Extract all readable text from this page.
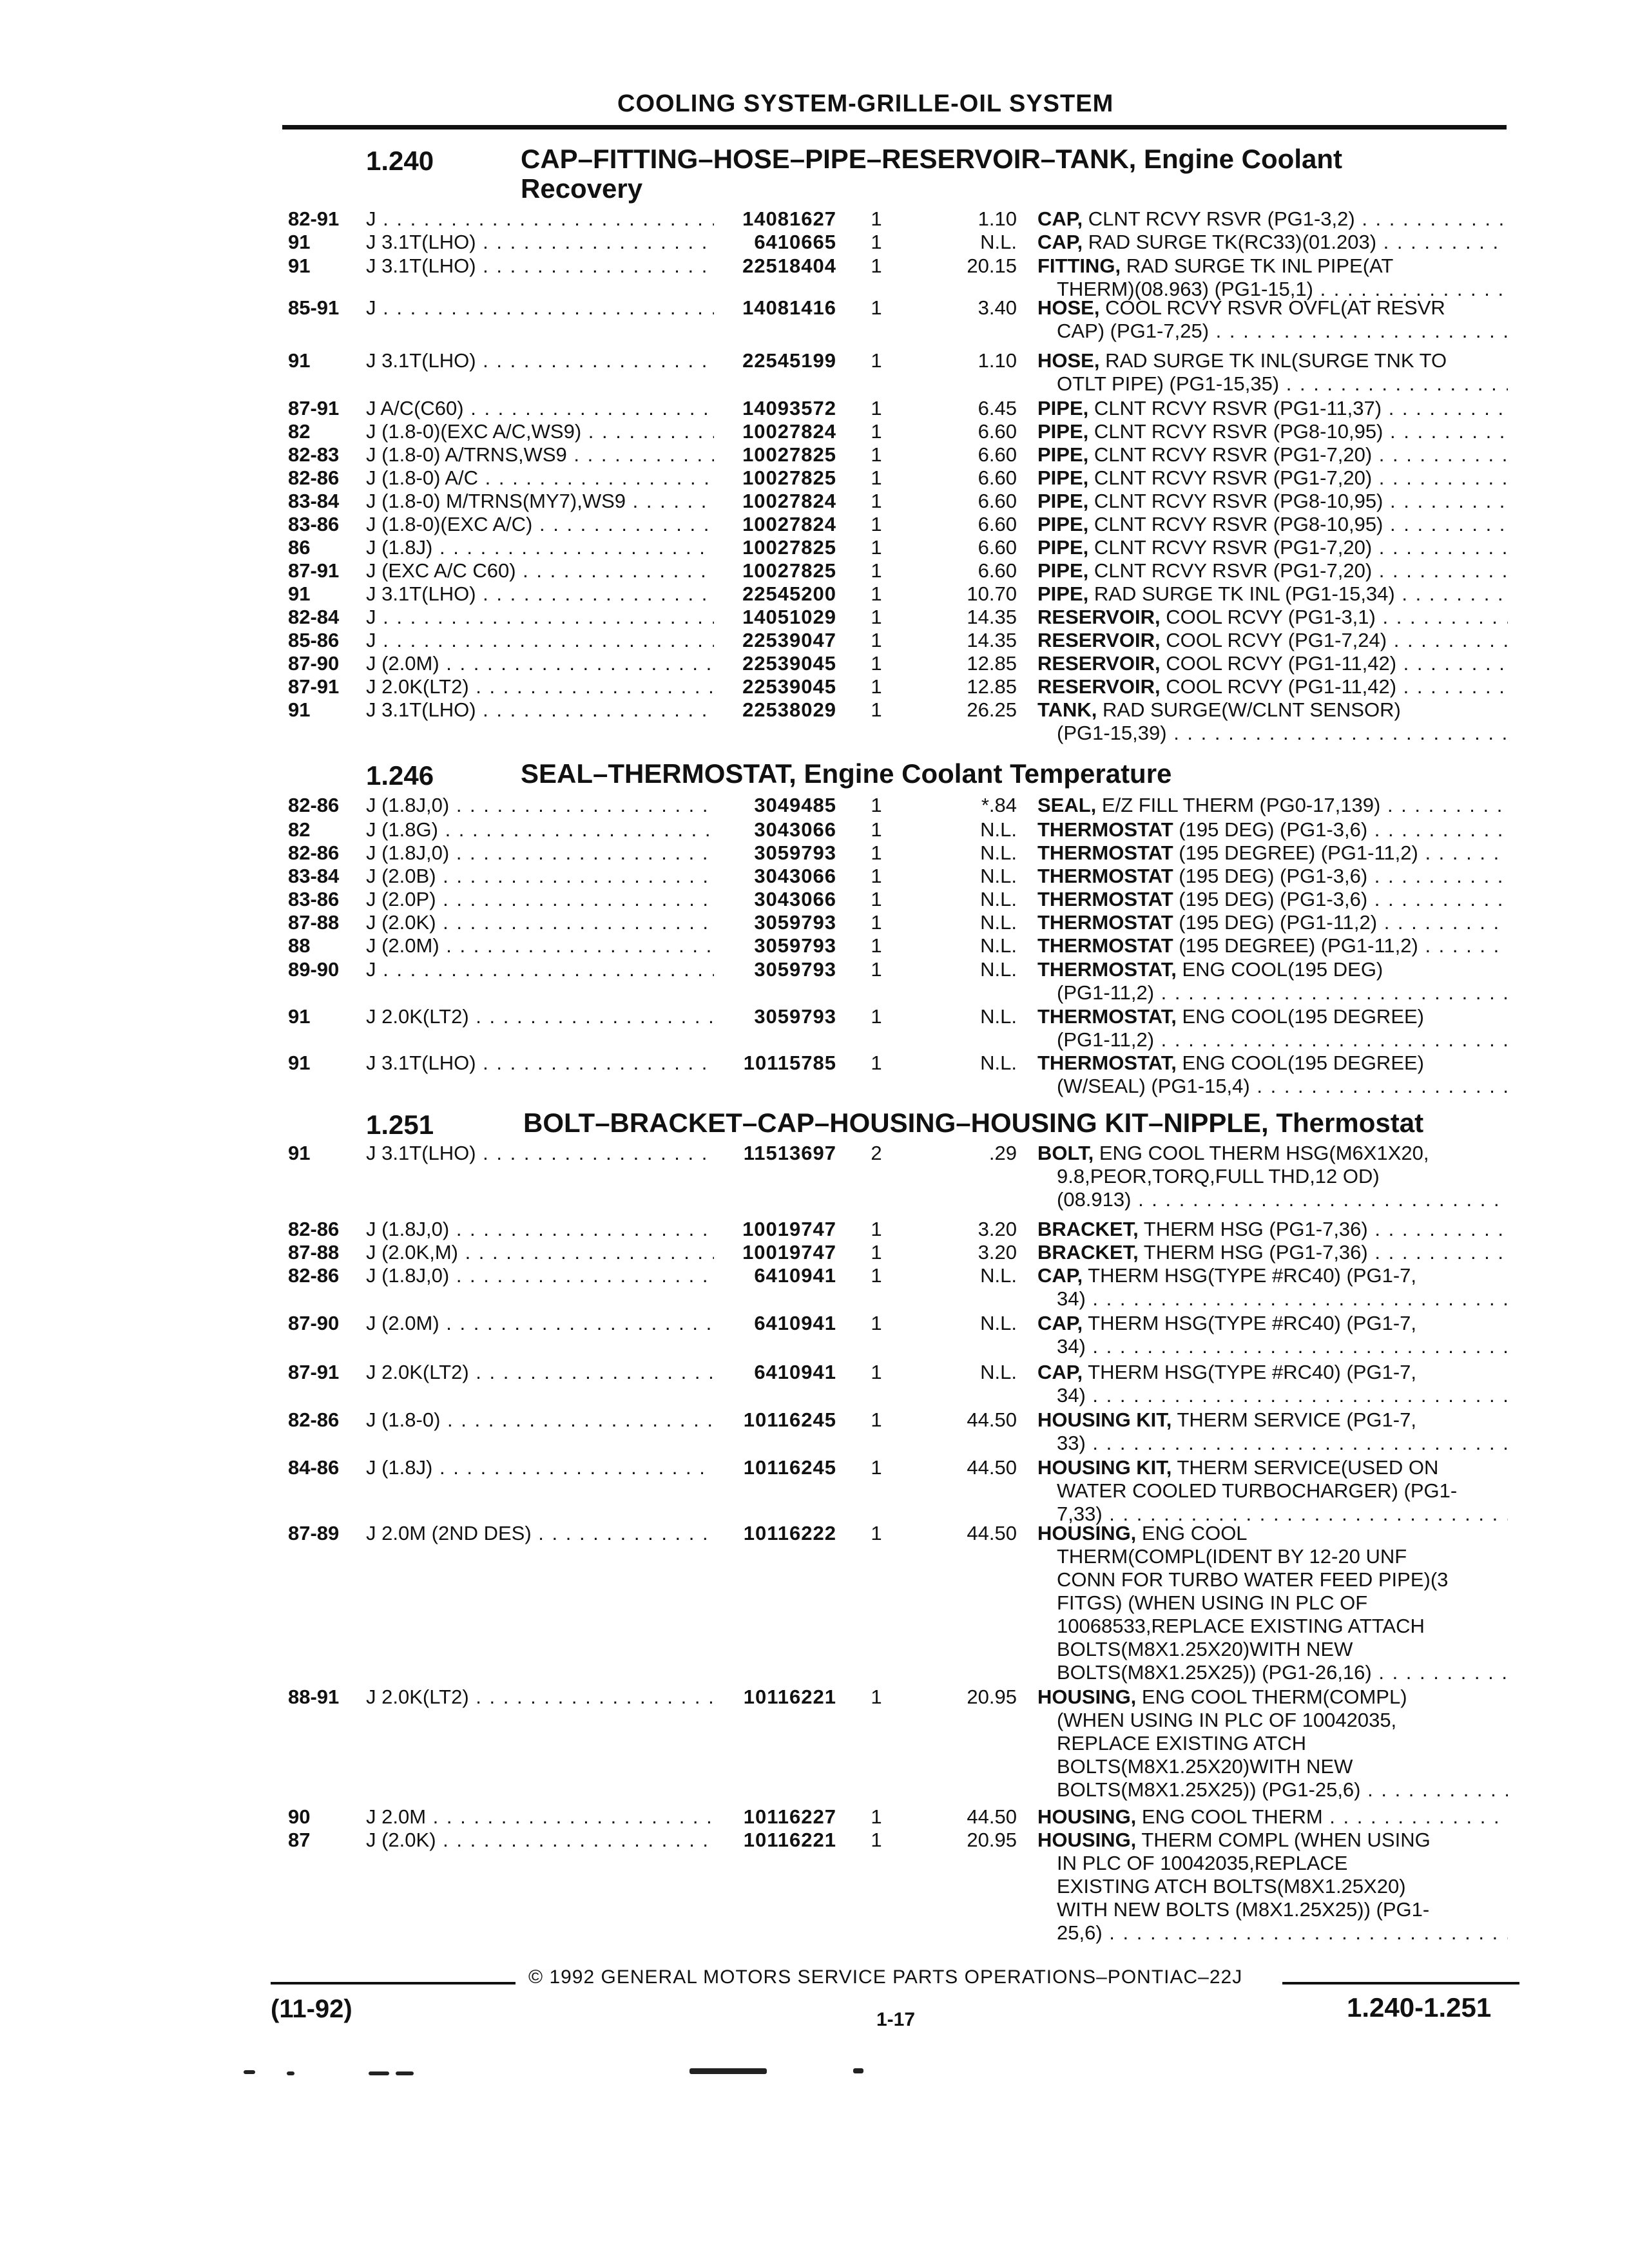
COOLING SYSTEM-GRILLE-OIL SYSTEM
1.240	CAP–FITTING–HOSE–PIPE–RESERVOIR–TANK, Engine Coolant
Recovery
1.246	SEAL–THERMOSTAT, Engine Coolant Temperature
1.251	BOLT–BRACKET–CAP–HOUSING–HOUSING KIT–NIPPLE, Thermostat
82-91 J . . .	14081627	1	1.10 CAP, CLNT RCVY RSVR (PG1-3,2) . . .
91	J 3.1T(LHO) . . .	6410665	1	N.L. CAP, RAD SURGE TK(RC33)(01.203) . . .
91	J 3.1T(LHO) . . .	22518404	1	20.15 FITTING, RAD SURGE TK INL PIPE(AT
THERM)(08.963) (PG1-15,1) . . .
85-91 J . . .	14081416	1	3.40 HOSE, COOL RCVY RSVR OVFL(AT RESVR
CAP) (PG1-7,25) . . .
91	J 3.1T(LHO) . . .	22545199	1	1.10 HOSE, RAD SURGE TK INL(SURGE TNK TO
OTLT PIPE) (PG1-15,35) . . .
87-91 J A/C(C60) . . .	14093572	1	6.45 PIPE, CLNT RCVY RSVR (PG1-11,37) . . .
82	J (1.8-0)(EXC A/C,WS9) . . .	10027824	1	6.60 PIPE, CLNT RCVY RSVR (PG8-10,95) . . .
82-83 J (1.8-0) A/TRNS,WS9 . . .	10027825	1	6.60 PIPE, CLNT RCVY RSVR (PG1-7,20) . . .
82-86 J (1.8-0) A/C . . .	10027825	1	6.60 PIPE, CLNT RCVY RSVR (PG1-7,20) . . .
83-84 J (1.8-0) M/TRNS(MY7),WS9 . . .	10027824	1	6.60 PIPE, CLNT RCVY RSVR (PG8-10,95) . . .
83-86 J (1.8-0)(EXC A/C) . . .	10027824	1	6.60 PIPE, CLNT RCVY RSVR (PG8-10,95) . . .
86	J (1.8J) . . .	10027825	1	6.60 PIPE, CLNT RCVY RSVR (PG1-7,20) . . .
87-91 J (EXC A/C C60) . . .	10027825	1	6.60 PIPE, CLNT RCVY RSVR (PG1-7,20) . . .
91	J 3.1T(LHO) . . .	22545200	1	10.70 PIPE, RAD SURGE TK INL (PG1-15,34) . . .
82-84 J . . .	14051029	1	14.35 RESERVOIR, COOL RCVY (PG1-3,1) . . .
85-86 J . . .	22539047	1	14.35 RESERVOIR, COOL RCVY (PG1-7,24) . . .
87-90 J (2.0M) . . .	22539045	1	12.85 RESERVOIR, COOL RCVY (PG1-11,42) . . .
87-91 J 2.0K(LT2) . . .	22539045	1	12.85 RESERVOIR, COOL RCVY (PG1-11,42) . . .
91	J 3.1T(LHO) . . .	22538029	1	26.25 TANK, RAD SURGE(W/CLNT SENSOR)
(PG1-15,39) . . .
82-86 J (1.8J,0) . . .	3049485	1	*.84 SEAL, E/Z FILL THERM (PG0-17,139) . . .
82	J (1.8G) . . .	3043066	1	N.L. THERMOSTAT (195 DEG) (PG1-3,6) . . .
82-86 J (1.8J,0) . . .	3059793	1	N.L. THERMOSTAT (195 DEGREE) (PG1-11,2) . . .
83-84 J (2.0B) . . .	3043066	1	N.L. THERMOSTAT (195 DEG) (PG1-3,6) . . .
83-86 J (2.0P) . . .	3043066	1	N.L. THERMOSTAT (195 DEG) (PG1-3,6) . . .
87-88 J (2.0K) . . .	3059793	1	N.L. THERMOSTAT (195 DEG) (PG1-11,2) . . .
88	J (2.0M) . . .	3059793	1	N.L. THERMOSTAT (195 DEGREE) (PG1-11,2) . . .
89-90 J . . .	3059793	1	N.L. THERMOSTAT, ENG COOL(195 DEG)
(PG1-11,2) . . .
91	J 2.0K(LT2) . . .	3059793	1	N.L. THERMOSTAT, ENG COOL(195 DEGREE)
(PG1-11,2) . . .
91	J 3.1T(LHO) . . .	10115785	1	N.L. THERMOSTAT, ENG COOL(195 DEGREE)
(W/SEAL) (PG1-15,4) . . .
91	J 3.1T(LHO) . . .	11513697	2	.29 BOLT, ENG COOL THERM HSG(M6X1X20,
9.8,PEOR,TORQ,FULL THD,12 OD)
(08.913) . . .
82-86 J (1.8J,0) . . .	10019747	1	3.20 BRACKET, THERM HSG (PG1-7,36) . . .
87-88 J (2.0K,M) . . .	10019747	1	3.20 BRACKET, THERM HSG (PG1-7,36) . . .
82-86 J (1.8J,0) . . .	6410941	1	N.L. CAP, THERM HSG(TYPE #RC40) (PG1-7,
34) . . .
87-90 J (2.0M) . . .	6410941	1	N.L. CAP, THERM HSG(TYPE #RC40) (PG1-7,
34) . . .
87-91 J 2.0K(LT2) . . .	6410941	1	N.L. CAP, THERM HSG(TYPE #RC40) (PG1-7,
34) . . .
82-86 J (1.8-0) . . .	10116245	1	44.50 HOUSING KIT, THERM SERVICE (PG1-7,
33) . . .
84-86 J (1.8J) . . .	10116245	1	44.50 HOUSING KIT, THERM SERVICE(USED ON
WATER COOLED TURBOCHARGER) (PG1-
7,33) . . .
87-89 J 2.0M (2ND DES) . . .	10116222	1	44.50 HOUSING, ENG COOL
THERM(COMPL(IDENT BY 12-20 UNF
CONN FOR TURBO WATER FEED PIPE)(3
FITGS) (WHEN USING IN PLC OF
10068533,REPLACE EXISTING ATTACH
BOLTS(M8X1.25X20)WITH NEW
BOLTS(M8X1.25X25)) (PG1-26,16) . . .
88-91 J 2.0K(LT2) . . .	10116221	1	20.95 HOUSING, ENG COOL THERM(COMPL)
(WHEN USING IN PLC OF 10042035,
REPLACE EXISTING ATCH
BOLTS(M8X1.25X20)WITH NEW
BOLTS(M8X1.25X25)) (PG1-25,6) . . .
90	J 2.0M . . .	10116227	1	44.50 HOUSING, ENG COOL THERM . . .
87	J (2.0K) . . .	10116221	1	20.95 HOUSING, THERM COMPL (WHEN USING
IN PLC OF 10042035,REPLACE
EXISTING ATCH BOLTS(M8X1.25X20)
WITH NEW BOLTS (M8X1.25X25)) (PG1-
25,6) . . .
© 1992 GENERAL MOTORS SERVICE PARTS OPERATIONS–PONTIAC–22J
(11-92)	1-17	1.240-1.251
